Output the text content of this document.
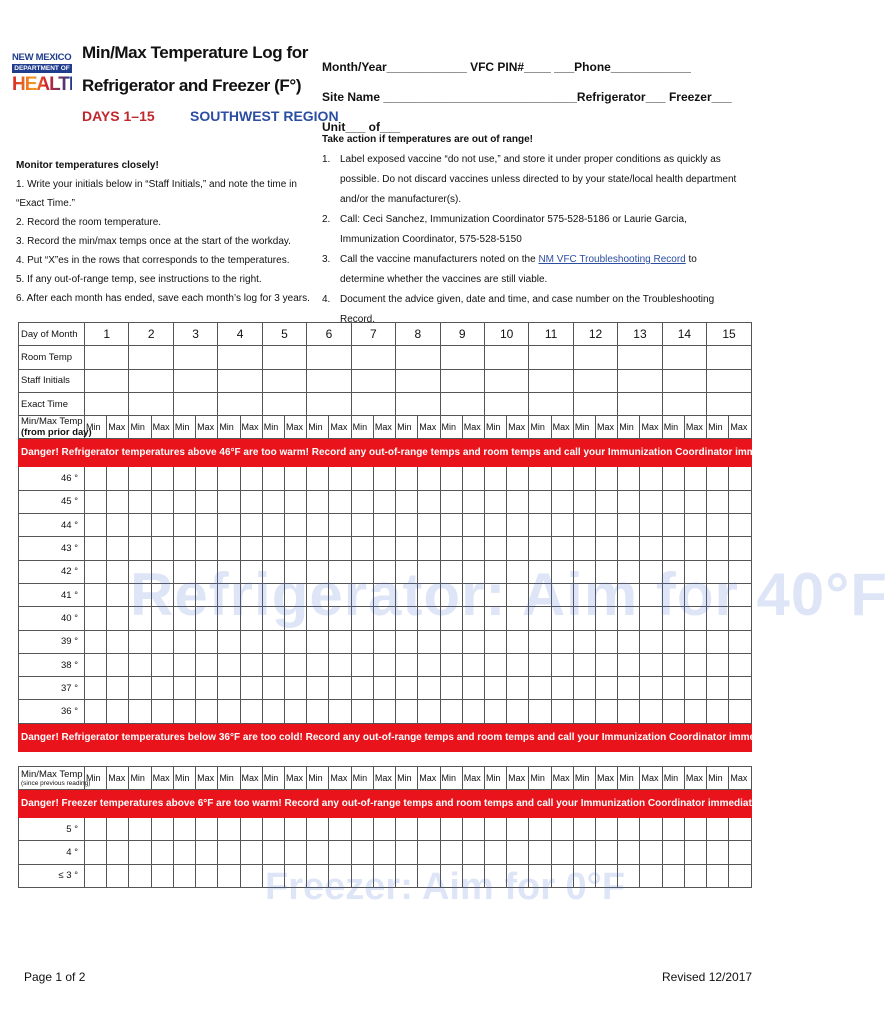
NEW MEXICO
DEPARTMENT OF
HEALTH
Min/Max Temperature Log for
Refrigerator and Freezer (F°)
DAYS 1–15	SOUTHWEST REGION
Month/Year____________ VFC PIN#____ ___Phone____________
Site Name _____________________________Refrigerator___ Freezer___ Unit___ of___
Monitor temperatures closely!
1. Write your initials below in “Staff Initials,” and note the time in “Exact Time.”
2. Record the room temperature.
3. Record the min/max temps once at the start of the workday.
4. Put “X”es in the rows that corresponds to the temperatures.
5. If any out-of-range temp, see instructions to the right.
6. After each month has ended, save each month’s log for 3 years.
Take action if temperatures are out of range!
1. Label exposed vaccine “do not use,” and store it under proper conditions as quickly as possible. Do not discard vaccines unless directed to by your state/local health department and/or the manufacturer(s).
2. Call: Ceci Sanchez, Immunization Coordinator 575-528-5186 or Laurie Garcia, Immunization Coordinator, 575-528-5150
3. Call the vaccine manufacturers noted on the NM VFC Troubleshooting Record to determine whether the vaccines are still viable.
4. Document the advice given, date and time, and case number on the Troubleshooting Record.
Day of Month	1		2		3		4		5		6		7		8		9		10		11		12		13		14		15	
Room Temp																														
Staff Initials																														
Exact Time																														

Min/Max Temp
(from prior day)	Min	Max	Min	Max	Min	Max	Min	Max	Min	Max	Min	Max	Min	Max	Min	Max	Min	Max	Min	Max	Min	Max	Min	Max	Min	Max	Min	Max	Min	Max
Danger! Refrigerator temperatures above 46°F are too warm! Record any out-of-range temps and room temps and call your Immunization Coordinator immediately!																														
46 °																														
45 °																														
44 °																														
43 °																														
42 °																														
41 °																														
40 °																														
39 °																														
38 °																														
37 °																														
36 °																														
Danger! Refrigerator temperatures below 36°F are too cold! Record any out-of-range temps and room temps and call your Immunization Coordinator immediately!																														

Min/Max Temp
(since previous reading)	Min	Max	Min	Max	Min	Max	Min	Max	Min	Max	Min	Max	Min	Max	Min	Max	Min	Max	Min	Max	Min	Max	Min	Max	Min	Max	Min	Max	Min	Max
Danger! Freezer temperatures above 6°F are too warm! Record any out-of-range temps and room temps and call your Immunization Coordinator immediately!																														
5 °																														
4 °																														
≤ 3 °																														
Refrigerator: Aim for 40°F
Freezer: Aim for 0°F
Page 1 of 2	Revised 12/2017
